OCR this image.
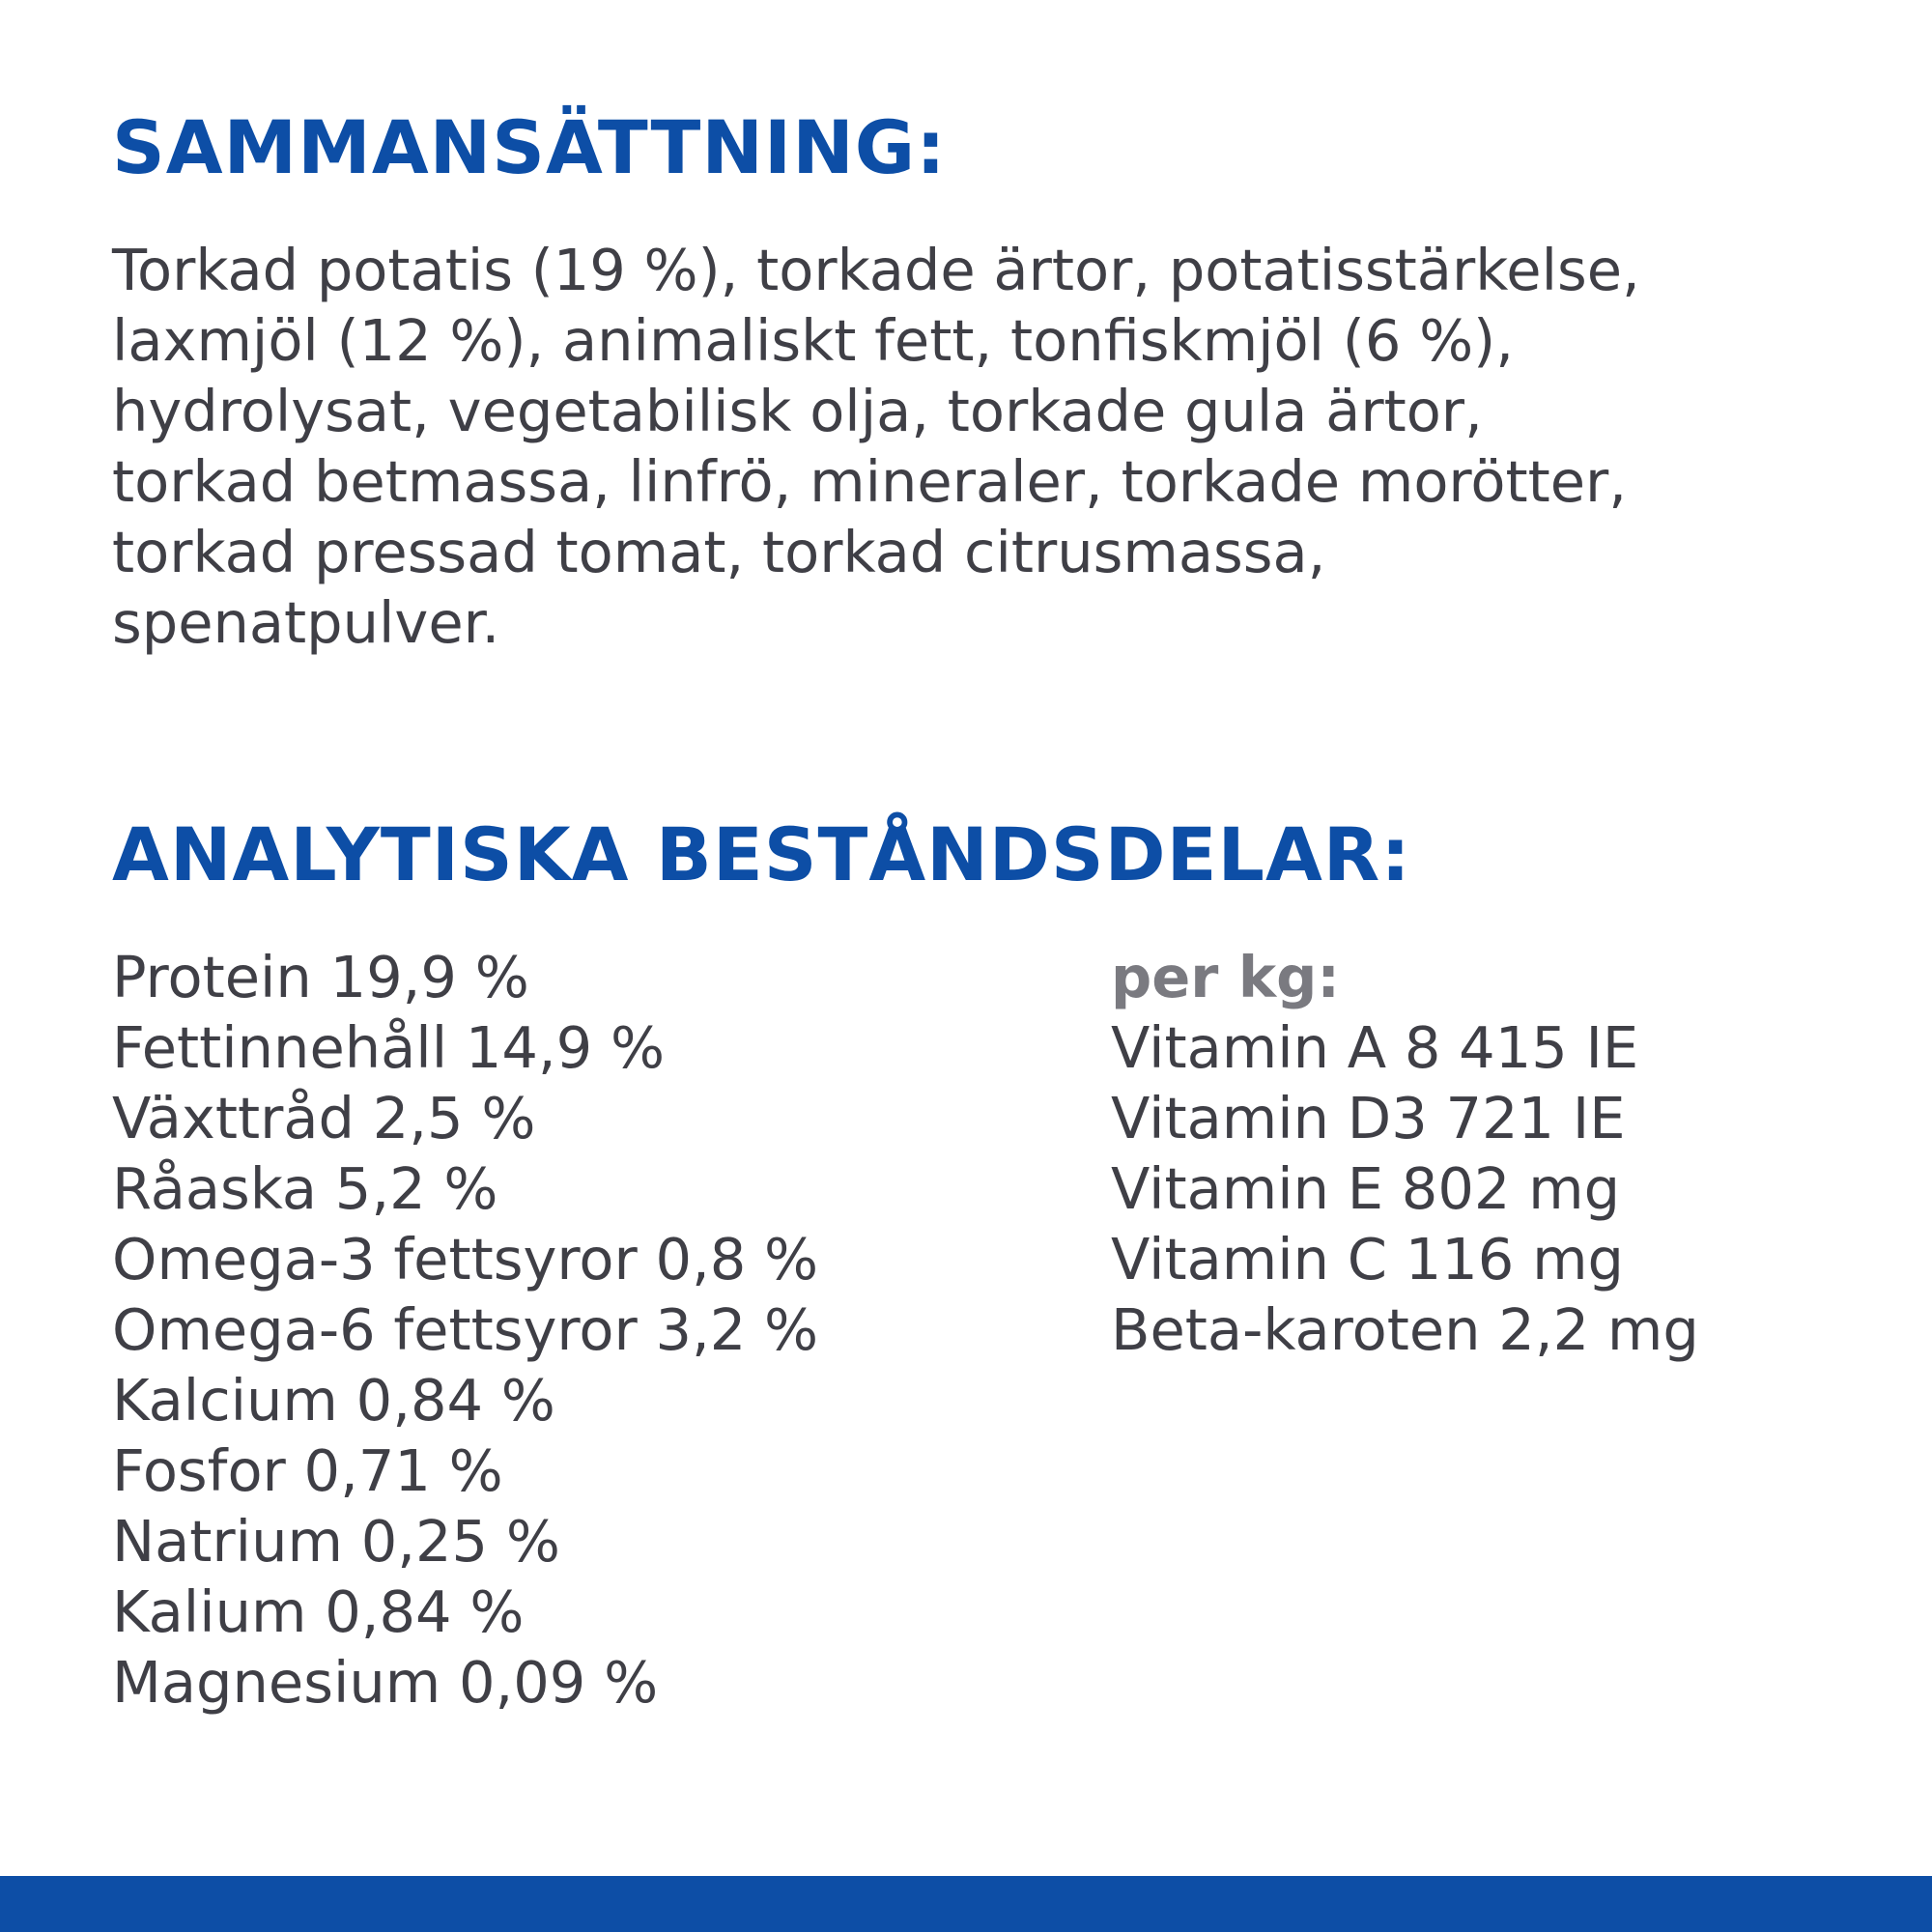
SAMMANSÄTTNING:
Torkad potatis (19 %), torkade ärtor, potatisstärkelse,
laxmjöl (12 %), animaliskt fett, tonfiskmjöl (6 %),
hydrolysat, vegetabilisk olja, torkade gula ärtor,
torkad betmassa, linfrö, mineraler, torkade morötter,
torkad pressad tomat, torkad citrusmassa,
spenatpulver.
ANALYTISKA BESTÅNDSDELAR:
Protein 19,9 %
Fettinnehåll 14,9 %
Växttråd 2,5 %
Råaska 5,2 %
Omega-3 fettsyror 0,8 %
Omega-6 fettsyror 3,2 %
Kalcium 0,84 %
Fosfor 0,71 %
Natrium 0,25 %
Kalium 0,84 %
Magnesium 0,09 %
per kg:
Vitamin A 8 415 IE
Vitamin D3 721 IE
Vitamin E 802 mg
Vitamin C 116 mg
Beta-karoten 2,2 mg
